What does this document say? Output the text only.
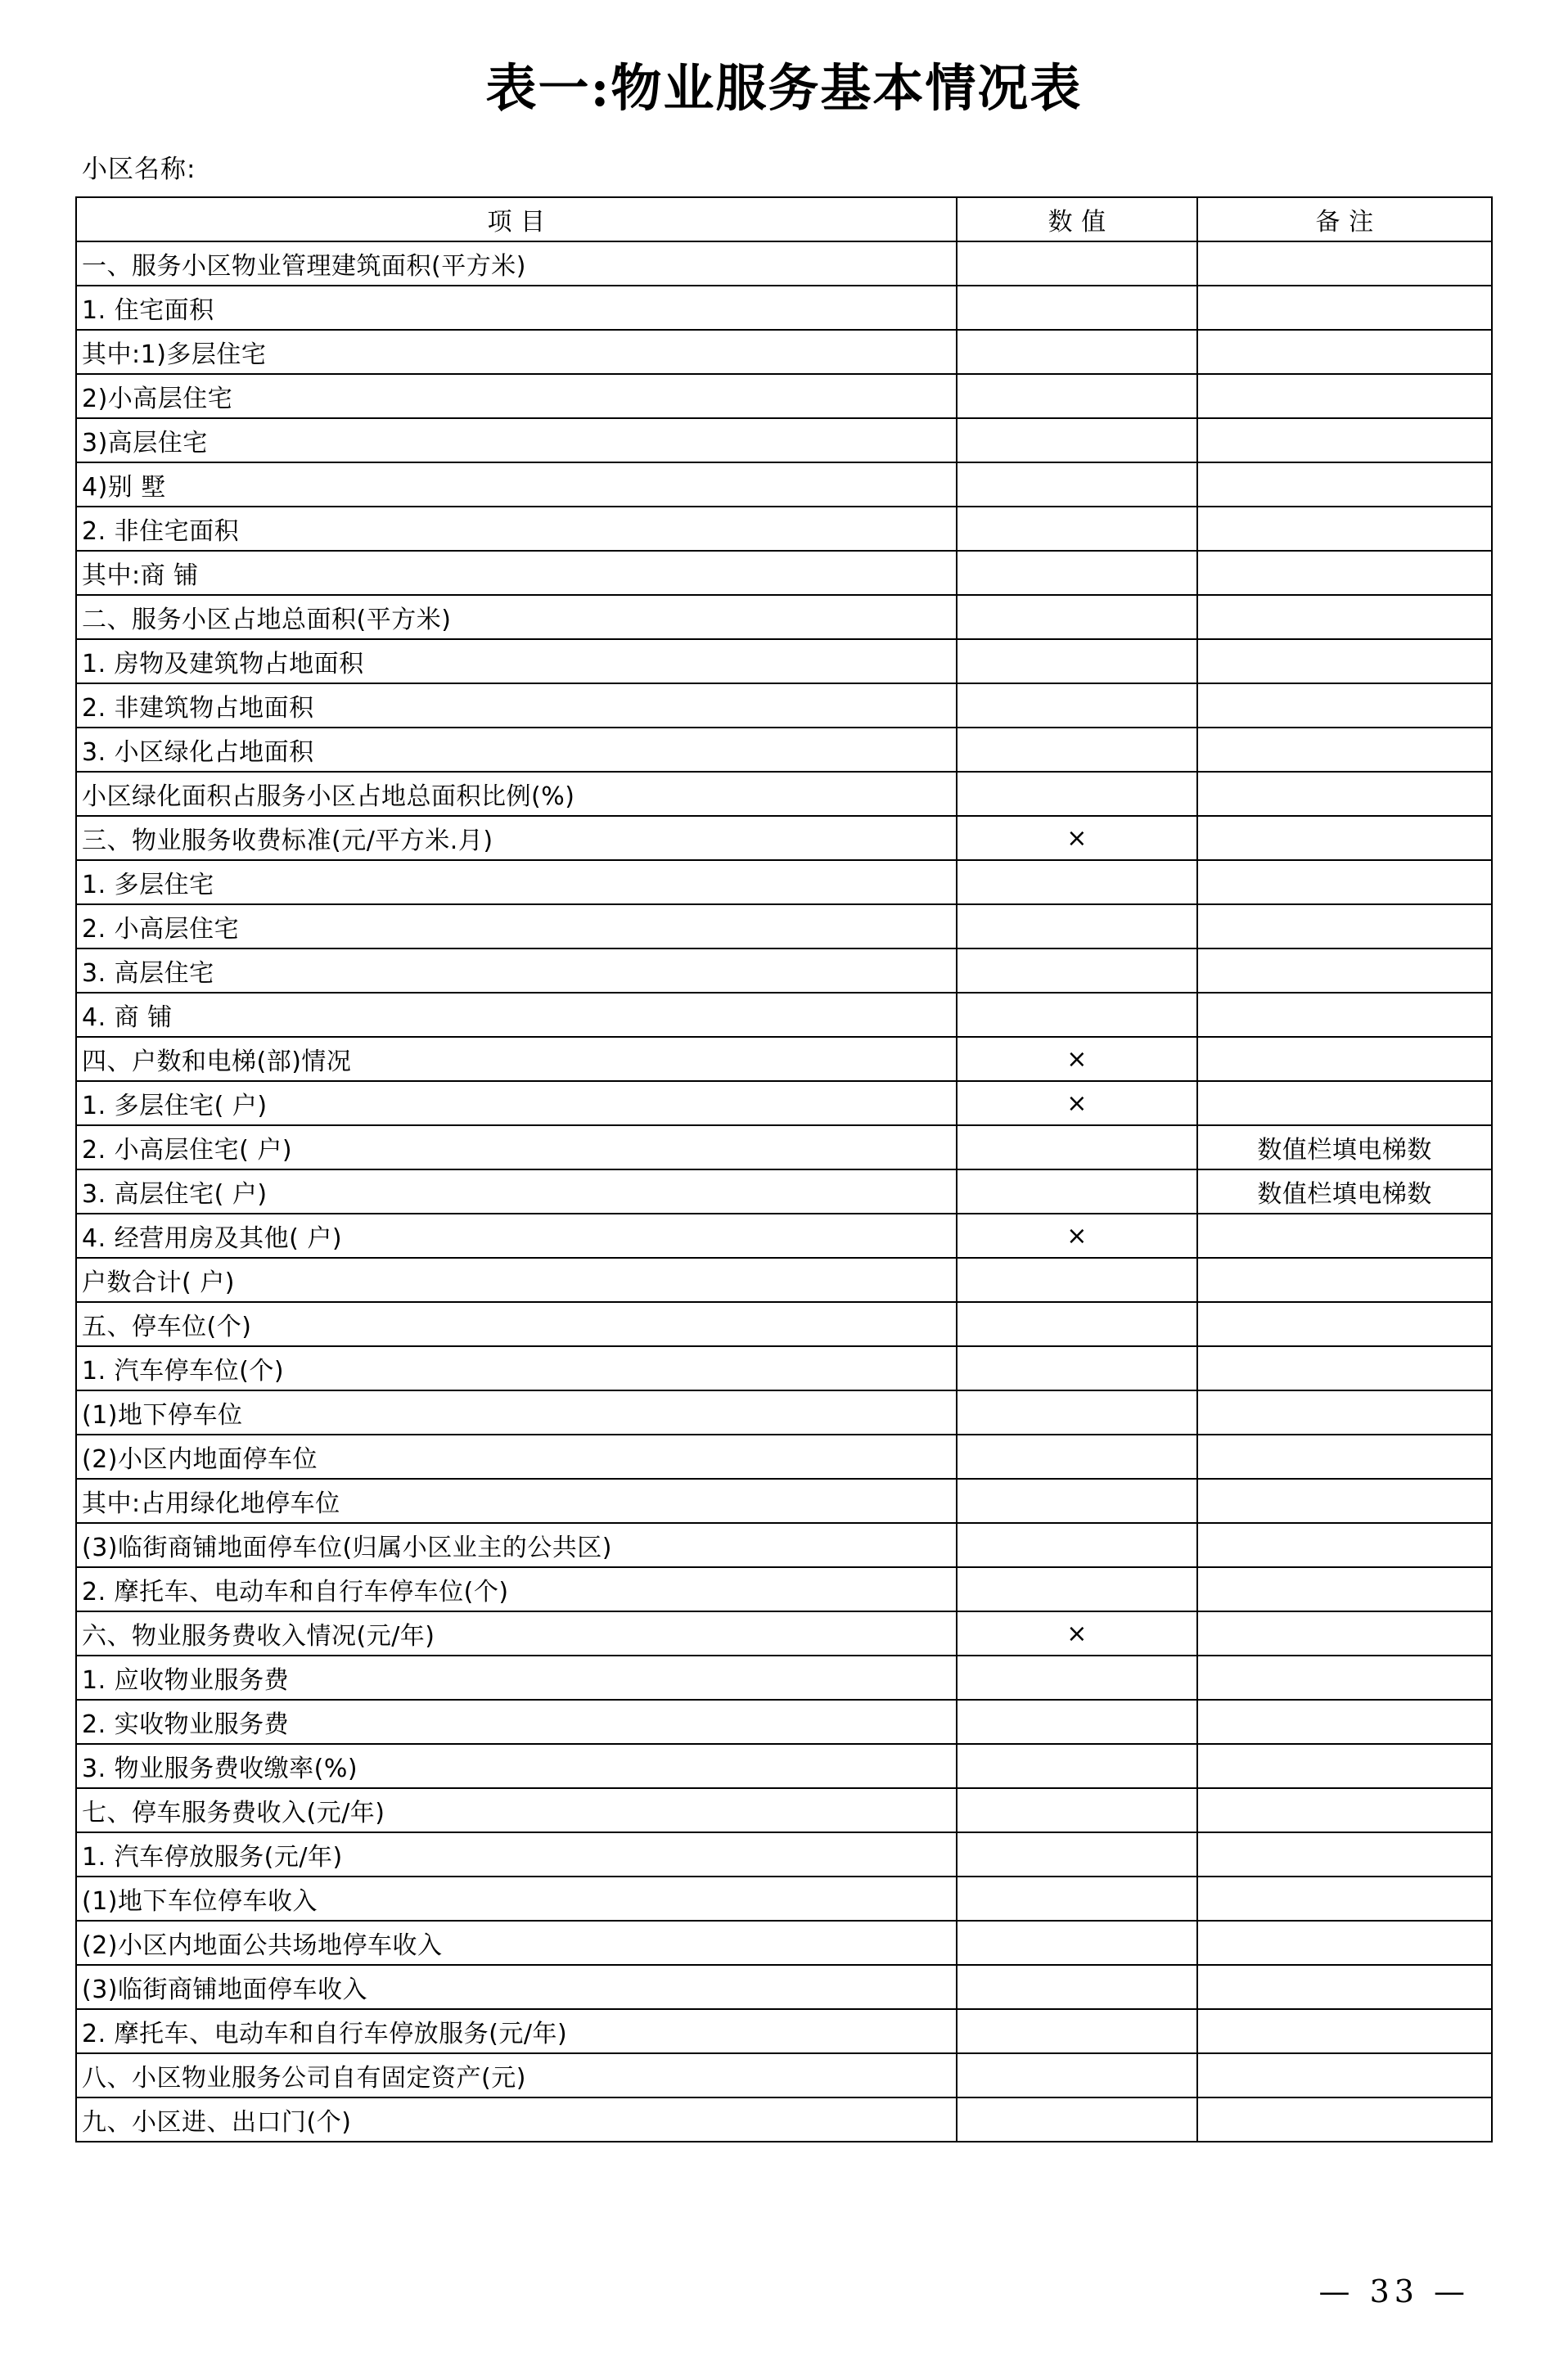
表一:物业服务基本情况表
小区名称:
项 目	数 值	备 注
一、服务小区物业管理建筑面积(平方米)		
1. 住宅面积		
其中:1)多层住宅		
2)小高层住宅		
3)高层住宅		
4)别 墅		
2. 非住宅面积		
其中:商 铺		
二、服务小区占地总面积(平方米)		
1. 房物及建筑物占地面积		
2. 非建筑物占地面积		
3. 小区绿化占地面积		
小区绿化面积占服务小区占地总面积比例(%)		
三、物业服务收费标准(元/平方米.月)	×	
1. 多层住宅		
2. 小高层住宅		
3. 高层住宅		
4. 商 铺		
四、户数和电梯(部)情况	×	
1. 多层住宅( 户)	×	
2. 小高层住宅( 户)		数值栏填电梯数
3. 高层住宅( 户)		数值栏填电梯数
4. 经营用房及其他( 户)	×	
户数合计( 户)		
五、停车位(个)		
1. 汽车停车位(个)		
(1)地下停车位		
(2)小区内地面停车位		
其中:占用绿化地停车位		
(3)临街商铺地面停车位(归属小区业主的公共区)		
2. 摩托车、电动车和自行车停车位(个)		
六、物业服务费收入情况(元/年)	×	
1. 应收物业服务费		
2. 实收物业服务费		
3. 物业服务费收缴率(%)		
七、停车服务费收入(元/年)		
1. 汽车停放服务(元/年)		
(1)地下车位停车收入		
(2)小区内地面公共场地停车收入		
(3)临街商铺地面停车收入		
2. 摩托车、电动车和自行车停放服务(元/年)		
八、小区物业服务公司自有固定资产(元)		
九、小区进、出口门(个)		
— 33 —
